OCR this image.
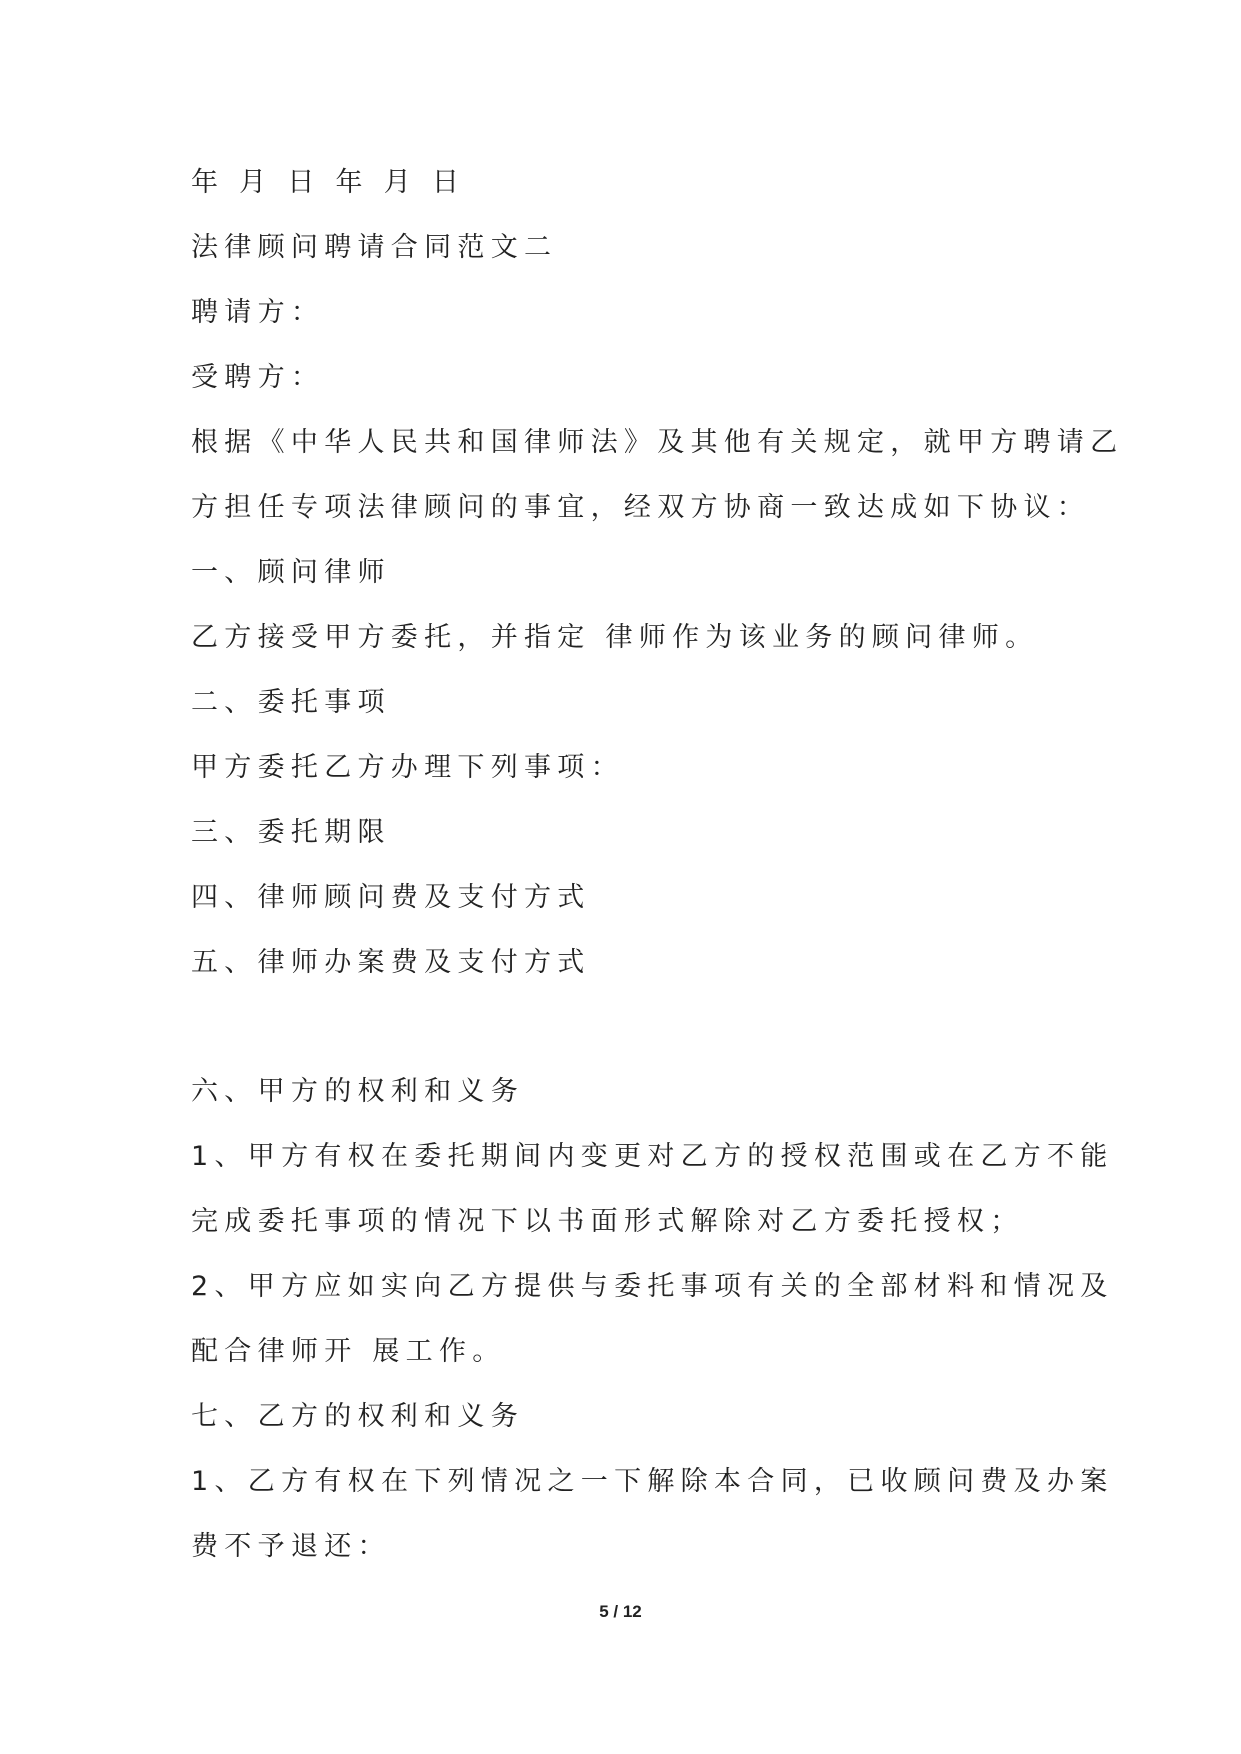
年 月 日 年 月 日
法律顾问聘请合同范文二
聘请方：
受聘方：
根据《中华人民共和国律师法》及其他有关规定，就甲方聘请乙
方担任专项法律顾问的事宜，经双方协商一致达成如下协议：
一、顾问律师
乙方接受甲方委托，并指定 律师作为该业务的顾问律师。
二、委托事项
甲方委托乙方办理下列事项：
三、委托期限
四、律师顾问费及支付方式
五、律师办案费及支付方式
六、甲方的权利和义务
1、甲方有权在委托期间内变更对乙方的授权范围或在乙方不能
完成委托事项的情况下以书面形式解除对乙方委托授权；
2、甲方应如实向乙方提供与委托事项有关的全部材料和情况及
配合律师开 展工作。
七、乙方的权利和义务
1、乙方有权在下列情况之一下解除本合同，已收顾问费及办案
费不予退还：
5 / 12
